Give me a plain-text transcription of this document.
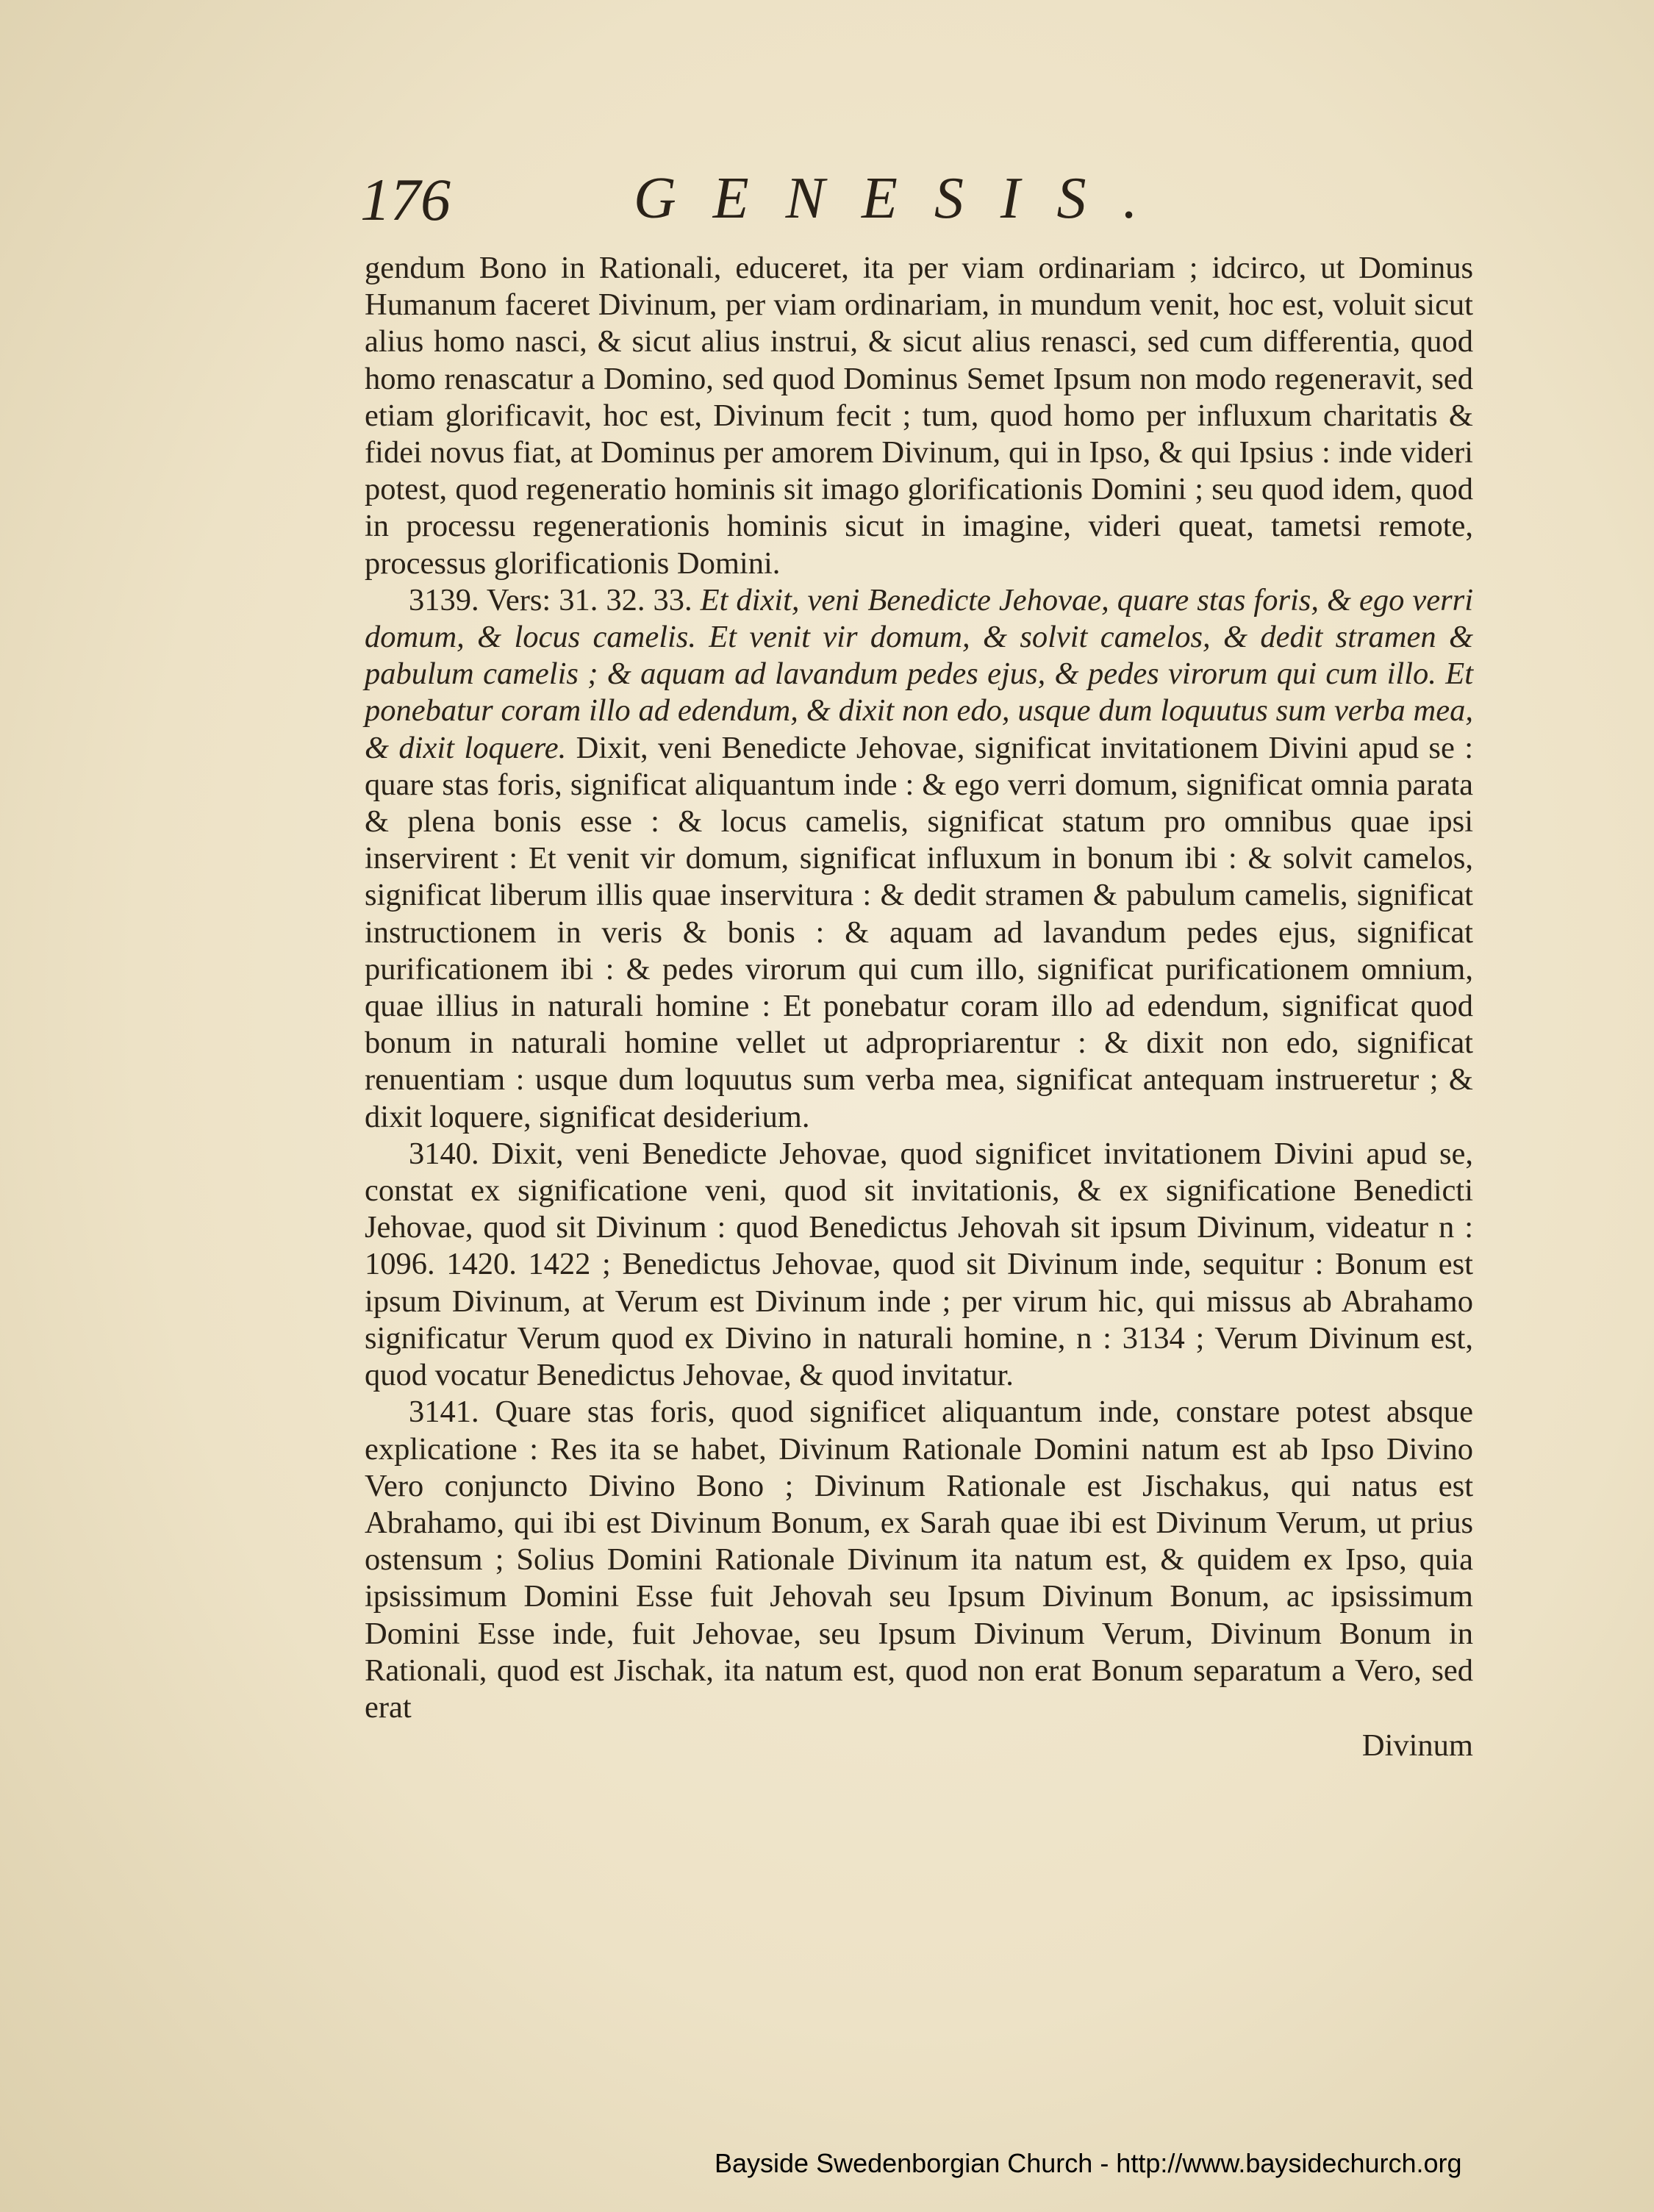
176	GENESIS.

gendum Bono in Rationali, educeret, ita per viam ordinariam ; idcirco, ut Dominus Humanum faceret Divinum, per viam ordinariam, in mundum venit, hoc est, voluit sicut alius homo nasci, & sicut alius instrui, & sicut alius renasci, sed cum differentia, quod homo renascatur a Domino, sed quod Dominus Semet Ipsum non modo regeneravit, sed etiam glorificavit, hoc est, Divinum fecit ; tum, quod homo per influxum charitatis & fidei novus fiat, at Dominus per amorem Divinum, qui in Ipso, & qui Ipsius : inde videri potest, quod regeneratio hominis sit imago glorificationis Domini ; seu quod idem, quod in processu regenerationis hominis sicut in imagine, videri queat, tametsi remote, processus glorificationis Domini.

3139. Vers: 31. 32. 33. Et dixit, veni Benedicte Jehovae, quare stas foris, & ego verri domum, & locus camelis. Et venit vir domum, & solvit camelos, & dedit stramen & pabulum camelis ; & aquam ad lavandum pedes ejus, & pedes virorum qui cum illo. Et ponebatur coram illo ad edendum, & dixit non edo, usque dum loquutus sum verba mea, & dixit loquere. Dixit, veni Benedicte Jehovae, significat invitationem Divini apud se : quare stas foris, significat aliquantum inde : & ego verri domum, significat omnia parata & plena bonis esse : & locus camelis, significat statum pro omnibus quae ipsi inservirent : Et venit vir domum, significat influxum in bonum ibi : & solvit camelos, significat liberum illis quae inservitura : & dedit stramen & pabulum camelis, significat instructionem in veris & bonis : & aquam ad lavandum pedes ejus, significat purificationem ibi : & pedes virorum qui cum illo, significat purificationem omnium, quae illius in naturali homine : Et ponebatur coram illo ad edendum, significat quod bonum in naturali homine vellet ut adpropriarentur : & dixit non edo, significat renuentiam : usque dum loquutus sum verba mea, significat antequam instrueretur ; & dixit loquere, significat desiderium.

3140. Dixit, veni Benedicte Jehovae, quod significet invitationem Divini apud se, constat ex significatione veni, quod sit invitationis, & ex significatione Benedicti Jehovae, quod sit Divinum : quod Benedictus Jehovah sit ipsum Divinum, videatur n : 1096. 1420. 1422 ; Benedictus Jehovae, quod sit Divinum inde, sequitur : Bonum est ipsum Divinum, at Verum est Divinum inde ; per virum hic, qui missus ab Abrahamo significatur Verum quod ex Divino in naturali homine, n : 3134 ; Verum Divinum est, quod vocatur Benedictus Jehovae, & quod invitatur.

3141. Quare stas foris, quod significet aliquantum inde, constare potest absque explicatione : Res ita se habet, Divinum Rationale Domini natum est ab Ipso Divino Vero conjuncto Divino Bono ; Divinum Rationale est Jischakus, qui natus est Abrahamo, qui ibi est Divinum Bonum, ex Sarah quae ibi est Divinum Verum, ut prius ostensum ; Solius Domini Rationale Divinum ita natum est, & quidem ex Ipso, quia ipsissimum Domini Esse fuit Jehovah seu Ipsum Divinum Bonum, ac ipsissimum Domini Esse inde, fuit Jehovae, seu Ipsum Divinum Verum, Divinum Bonum in Rationali, quod est Jischak, ita natum est, quod non erat Bonum separatum a Vero, sed erat

Divinum

Bayside Swedenborgian Church - http://www.baysidechurch.org
